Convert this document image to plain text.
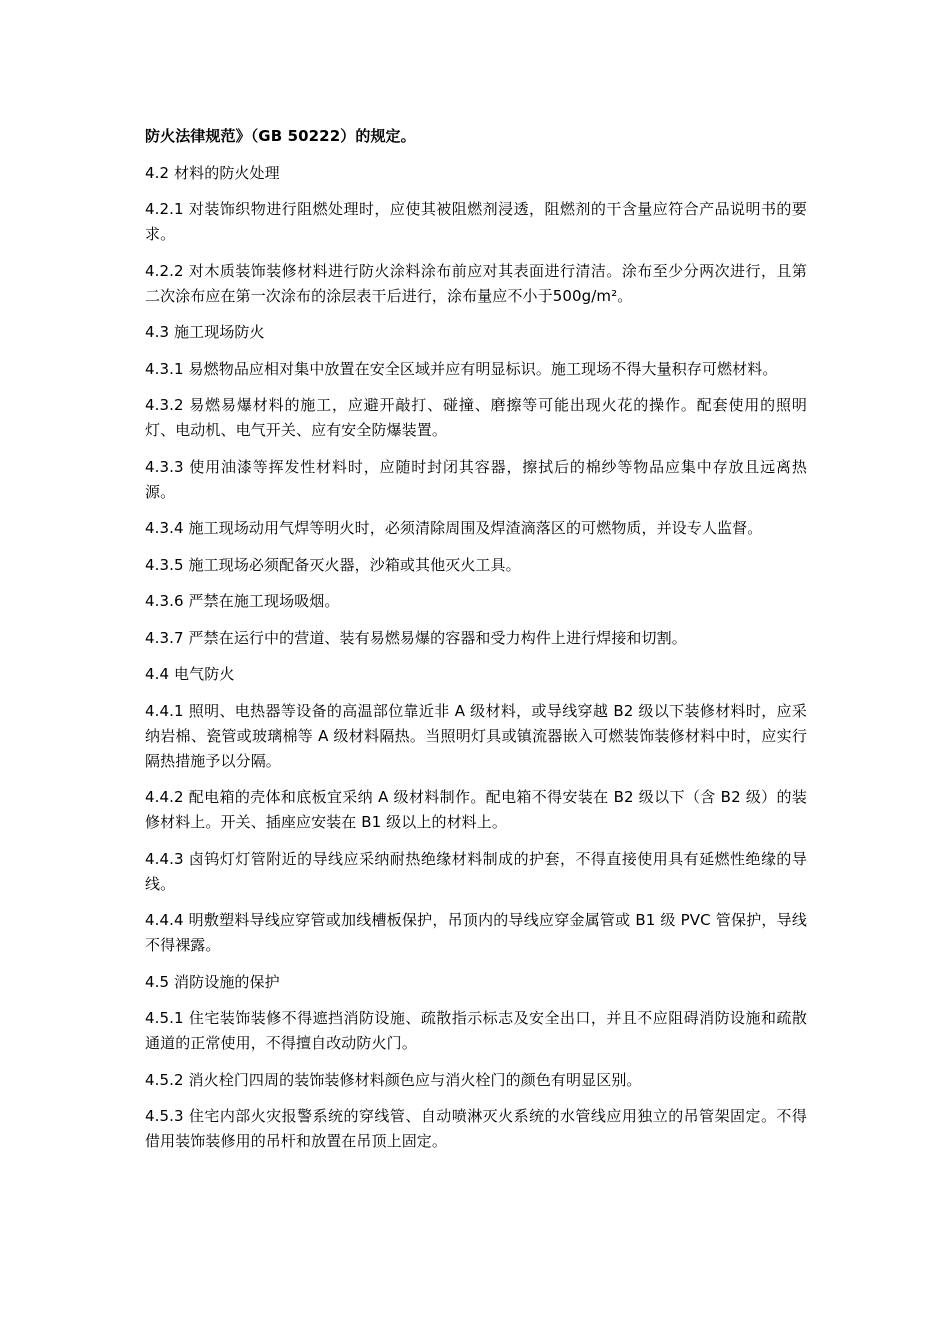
防火法律规范》（GB 50222）的规定。

4.2 材料的防火处理

4.2.1 对装饰织物进行阻燃处理时，应使其被阻燃剂浸透，阻燃剂的干含量应符合产品说明书的要求。

4.2.2 对木质装饰装修材料进行防火涂料涂布前应对其表面进行清洁。涂布至少分两次进行，且第二次涂布应在第一次涂布的涂层表干后进行，涂布量应不小于500g/m²。

4.3 施工现场防火

4.3.1 易燃物品应相对集中放置在安全区域并应有明显标识。施工现场不得大量积存可燃材料。

4.3.2 易燃易爆材料的施工，应避开敲打、碰撞、磨擦等可能出现火花的操作。配套使用的照明灯、电动机、电气开关、应有安全防爆装置。

4.3.3 使用油漆等挥发性材料时，应随时封闭其容器，擦拭后的棉纱等物品应集中存放且远离热源。

4.3.4 施工现场动用气焊等明火时，必须清除周围及焊渣滴落区的可燃物质，并设专人监督。

4.3.5 施工现场必须配备灭火器，沙箱或其他灭火工具。

4.3.6 严禁在施工现场吸烟。

4.3.7 严禁在运行中的营道、装有易燃易爆的容器和受力构件上进行焊接和切割。

4.4 电气防火

4.4.1 照明、电热器等设备的高温部位靠近非 A 级材料，或导线穿越 B2 级以下装修材料时，应采纳岩棉、瓷管或玻璃棉等 A 级材料隔热。当照明灯具或镇流器嵌入可燃装饰装修材料中时，应实行隔热措施予以分隔。

4.4.2 配电箱的壳体和底板宜采纳 A 级材料制作。配电箱不得安装在 B2 级以下（含 B2 级）的装修材料上。开关、插座应安装在 B1 级以上的材料上。

4.4.3 卤钨灯灯管附近的导线应采纳耐热绝缘材料制成的护套，不得直接使用具有延燃性绝缘的导线。

4.4.4 明敷塑料导线应穿管或加线槽板保护，吊顶内的导线应穿金属管或 B1 级 PVC 管保护，导线不得裸露。

4.5 消防设施的保护

4.5.1 住宅装饰装修不得遮挡消防设施、疏散指示标志及安全出口，并且不应阻碍消防设施和疏散通道的正常使用，不得擅自改动防火门。

4.5.2 消火栓门四周的装饰装修材料颜色应与消火栓门的颜色有明显区别。

4.5.3 住宅内部火灾报警系统的穿线管、自动喷淋灭火系统的水管线应用独立的吊管架固定。不得借用装饰装修用的吊杆和放置在吊顶上固定。
